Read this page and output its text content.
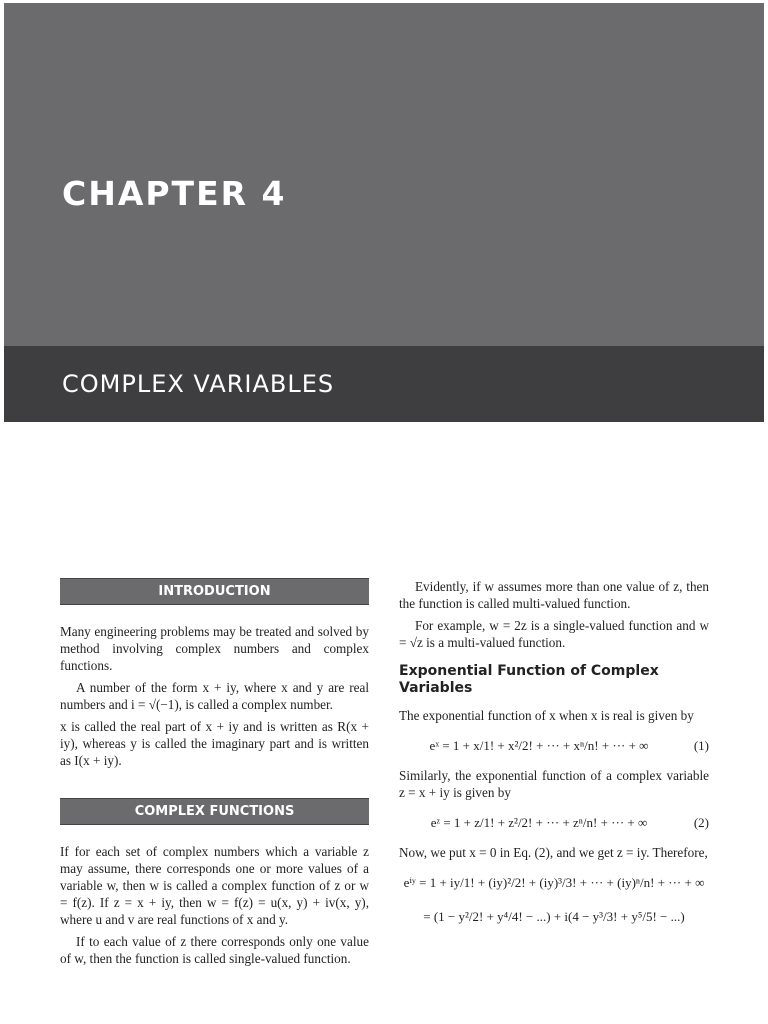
CHAPTER 4
COMPLEX VARIABLES
INTRODUCTION

Many engineering problems may be treated and solved by method involving complex numbers and complex functions.

A number of the form x + iy, where x and y are real numbers and i = √(−1), is called a complex number.

x is called the real part of x + iy and is written as R(x + iy), whereas y is called the imaginary part and is written as I(x + iy).

COMPLEX FUNCTIONS

If for each set of complex numbers which a variable z may assume, there corresponds one or more values of a variable w, then w is called a complex function of z or w = f(z). If z = x + iy, then w = f(z) = u(x, y) + iv(x, y), where u and v are real functions of x and y.

If to each value of z there corresponds only one value of w, then the function is called single-valued function.

Evidently, if w assumes more than one value of z, then the function is called multi-valued function.

For example, w = 2z is a single-valued function and w = √z is a multi-valued function.

Exponential Function of Complex Variables

The exponential function of x when x is real is given by

eˣ = 1 + x/1! + x²/2! + ··· + xⁿ/n! + ··· + ∞	(1)

Similarly, the exponential function of a complex variable z = x + iy is given by

eᶻ = 1 + z/1! + z²/2! + ··· + zⁿ/n! + ··· + ∞	(2)

Now, we put x = 0 in Eq. (2), and we get z = iy. Therefore,

eⁱʸ = 1 + iy/1! + (iy)²/2! + (iy)³/3! + ··· + (iy)ⁿ/n! + ··· + ∞
= (1 − y²/2! + y⁴/4! − ...) + i(4 − y³/3! + y⁵/5! − ...)
